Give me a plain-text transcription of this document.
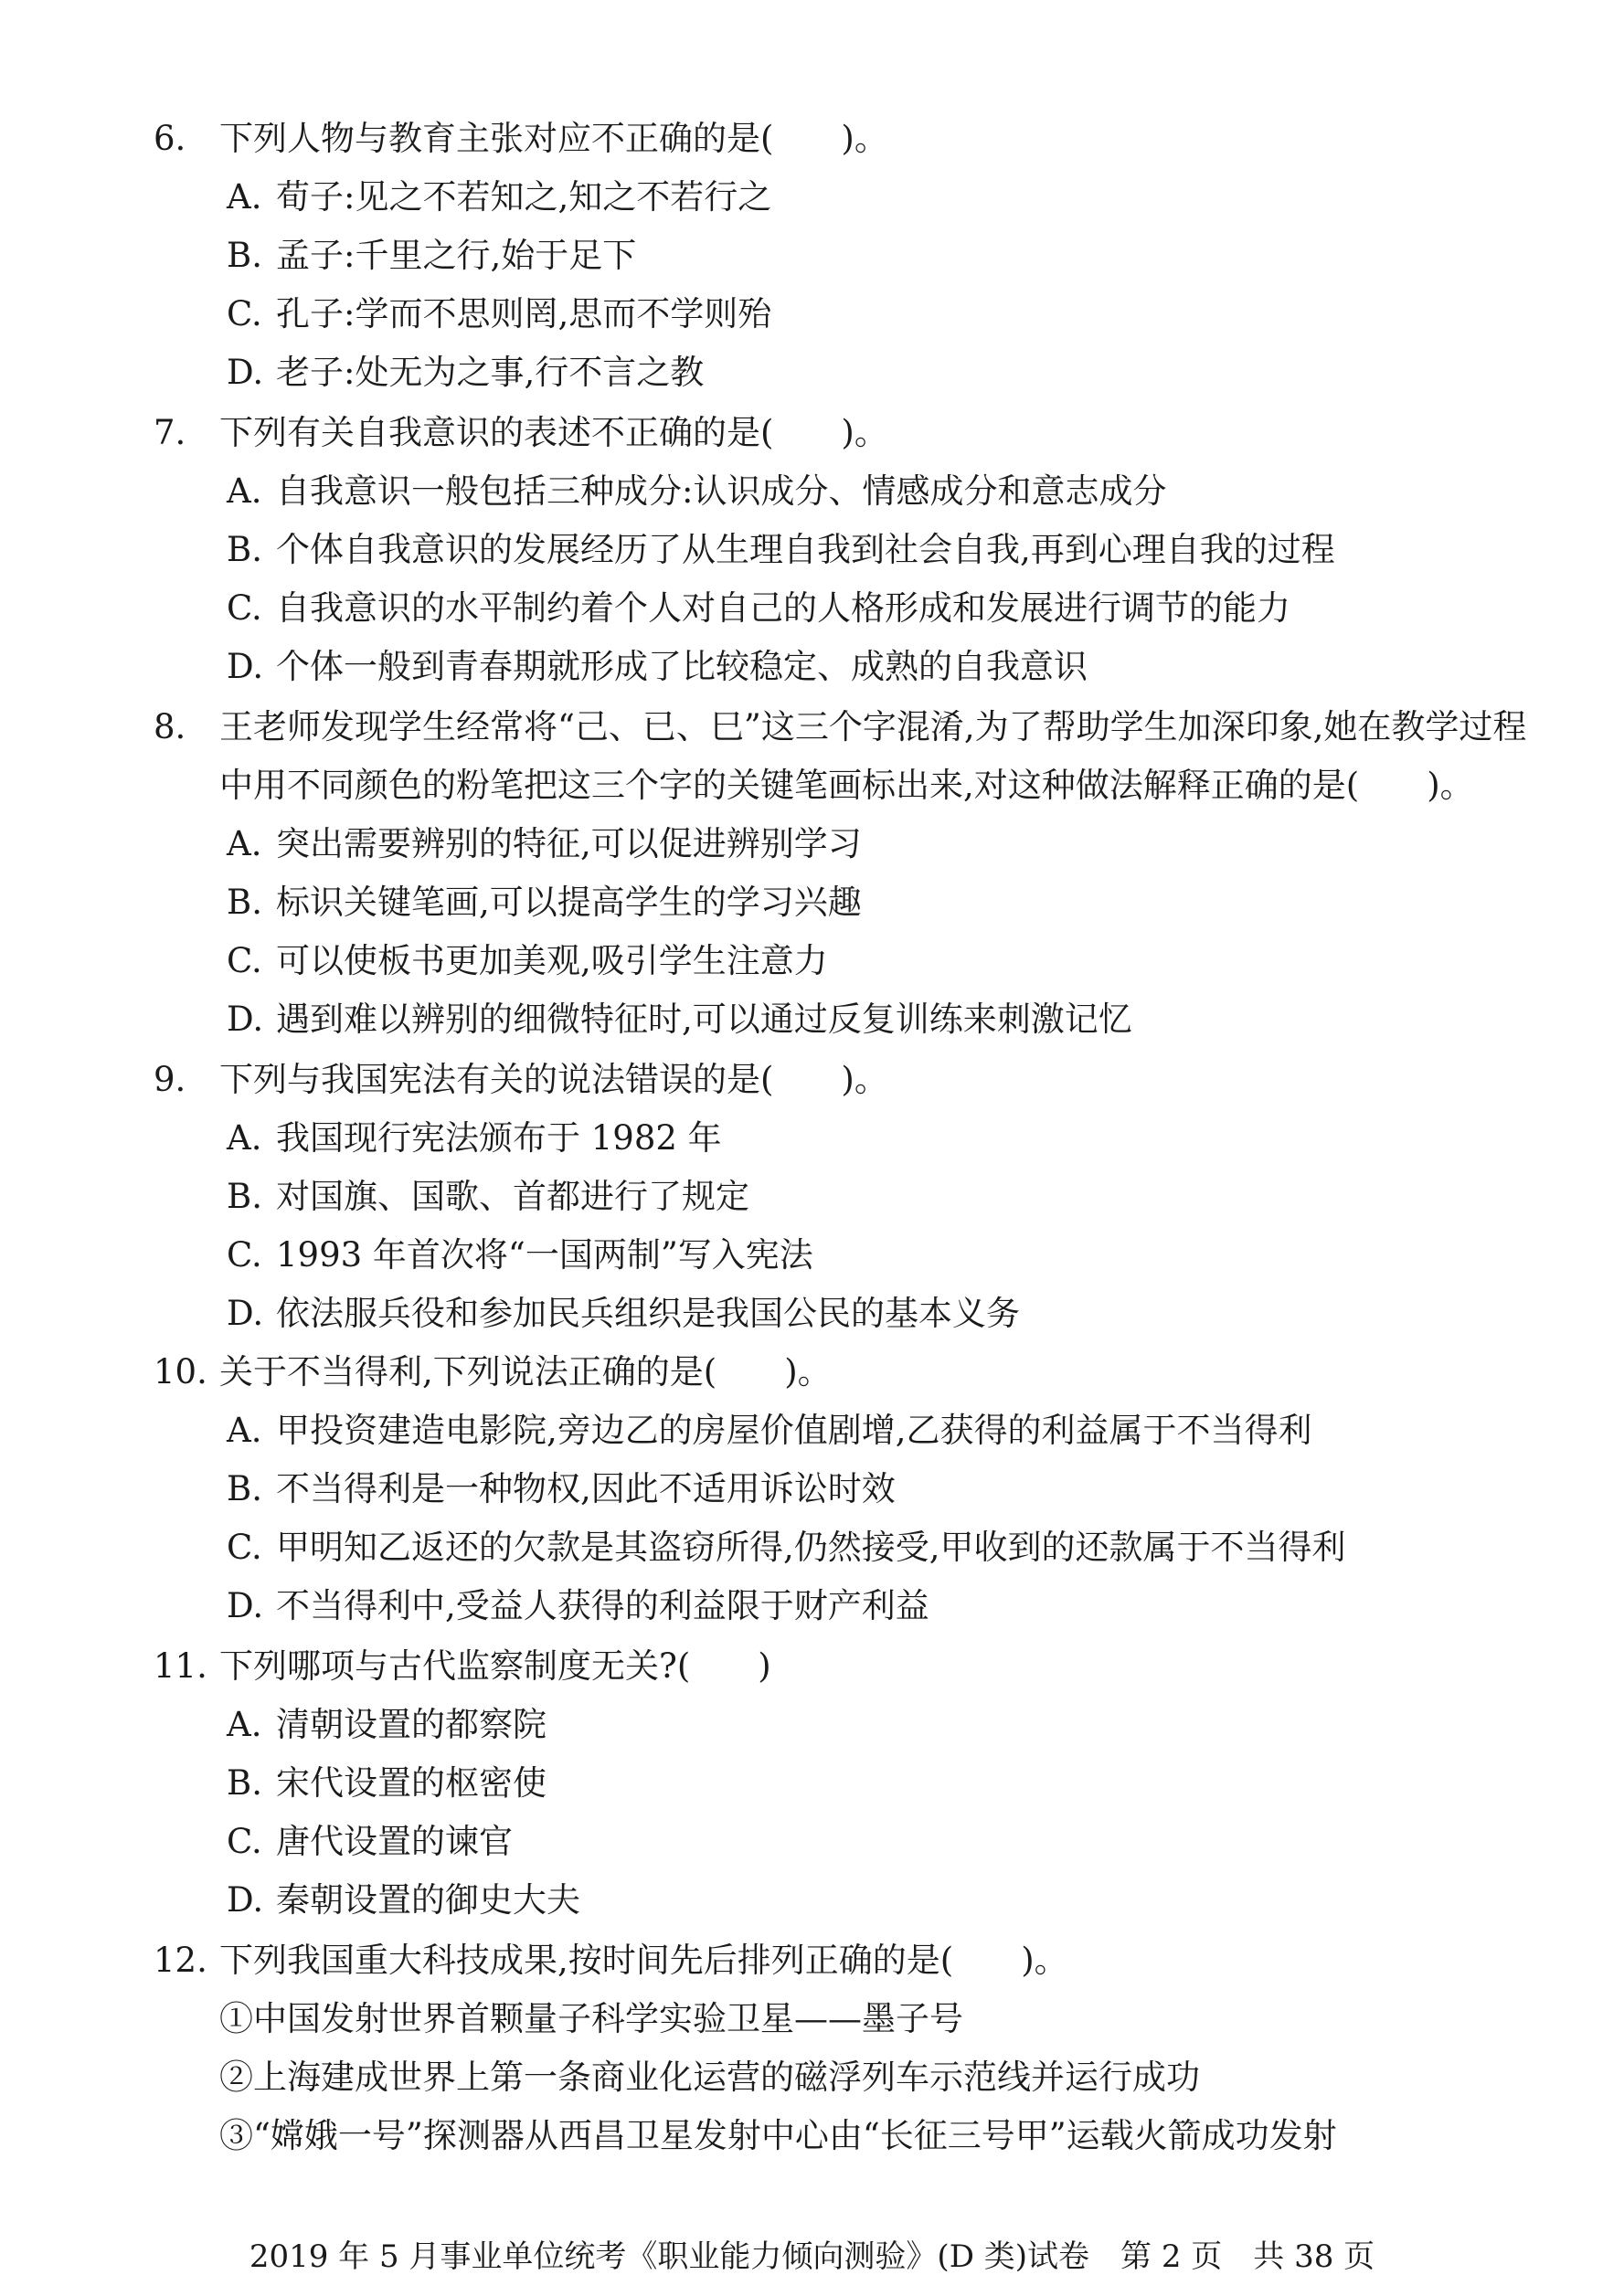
6. 下列人物与教育主张对应不正确的是(　　)。
A. 荀子:见之不若知之,知之不若行之
B. 孟子:千里之行,始于足下
C. 孔子:学而不思则罔,思而不学则殆
D. 老子:处无为之事,行不言之教
7. 下列有关自我意识的表述不正确的是(　　)。
A. 自我意识一般包括三种成分:认识成分、情感成分和意志成分
B. 个体自我意识的发展经历了从生理自我到社会自我,再到心理自我的过程
C. 自我意识的水平制约着个人对自己的人格形成和发展进行调节的能力
D. 个体一般到青春期就形成了比较稳定、成熟的自我意识
8. 王老师发现学生经常将“己、已、巳”这三个字混淆,为了帮助学生加深印象,她在教学过程
中用不同颜色的粉笔把这三个字的关键笔画标出来,对这种做法解释正确的是(　　)。
A. 突出需要辨别的特征,可以促进辨别学习
B. 标识关键笔画,可以提高学生的学习兴趣
C. 可以使板书更加美观,吸引学生注意力
D. 遇到难以辨别的细微特征时,可以通过反复训练来刺激记忆
9. 下列与我国宪法有关的说法错误的是(　　)。
A. 我国现行宪法颁布于 1982 年
B. 对国旗、国歌、首都进行了规定
C. 1993 年首次将“一国两制”写入宪法
D. 依法服兵役和参加民兵组织是我国公民的基本义务
10. 关于不当得利,下列说法正确的是(　　)。
A. 甲投资建造电影院,旁边乙的房屋价值剧增,乙获得的利益属于不当得利
B. 不当得利是一种物权,因此不适用诉讼时效
C. 甲明知乙返还的欠款是其盗窃所得,仍然接受,甲收到的还款属于不当得利
D. 不当得利中,受益人获得的利益限于财产利益
11. 下列哪项与古代监察制度无关?(　　)
A. 清朝设置的都察院
B. 宋代设置的枢密使
C. 唐代设置的谏官
D. 秦朝设置的御史大夫
12. 下列我国重大科技成果,按时间先后排列正确的是(　　)。
①中国发射世界首颗量子科学实验卫星——墨子号
②上海建成世界上第一条商业化运营的磁浮列车示范线并运行成功
③“嫦娥一号”探测器从西昌卫星发射中心由“长征三号甲”运载火箭成功发射
2019 年 5 月事业单位统考《职业能力倾向测验》(D 类)试卷　第 2 页　共 38 页
